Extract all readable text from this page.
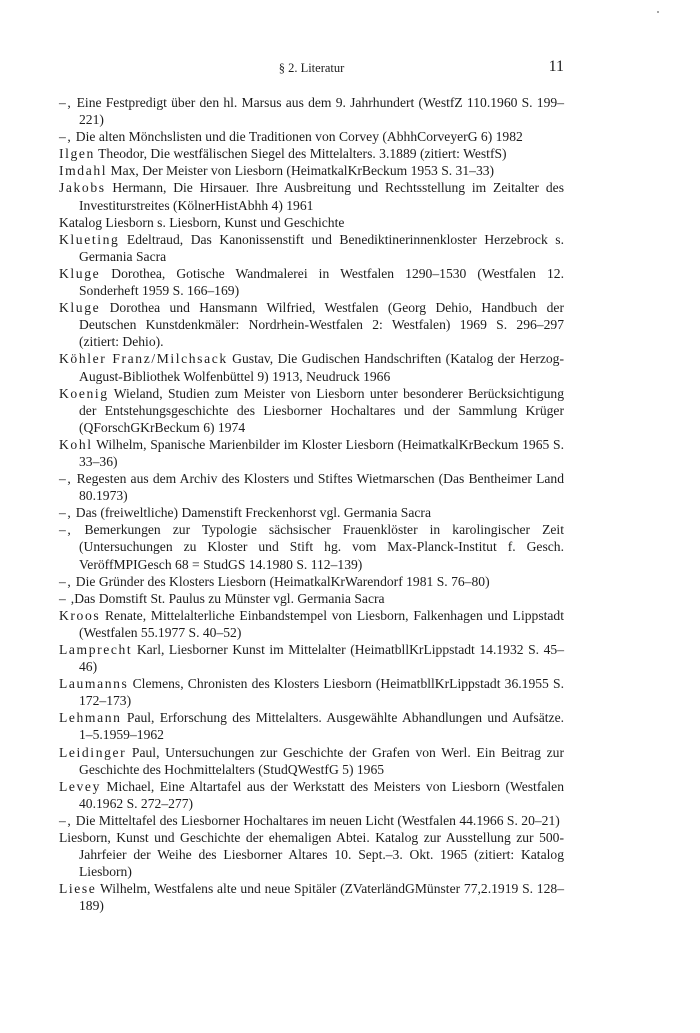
§ 2. Literatur	11
–, Eine Festpredigt über den hl. Marsus aus dem 9. Jahrhundert (WestfZ 110.1960 S. 199–221)
–, Die alten Mönchslisten und die Traditionen von Corvey (AbhhCorveyerG 6) 1982
Ilgen Theodor, Die westfälischen Siegel des Mittelalters. 3.1889 (zitiert: WestfS)
Imdahl Max, Der Meister von Liesborn (HeimatkalKrBeckum 1953 S. 31–33)
Jakobs Hermann, Die Hirsauer. Ihre Ausbreitung und Rechtsstellung im Zeitalter des Investiturstreites (KölnerHistAbhh 4) 1961
Katalog Liesborn s. Liesborn, Kunst und Geschichte
Klueting Edeltraud, Das Kanonissenstift und Benediktinerinnenkloster Herzebrock s. Germania Sacra
Kluge Dorothea, Gotische Wandmalerei in Westfalen 1290–1530 (Westfalen 12. Sonderheft 1959 S. 166–169)
Kluge Dorothea und Hansmann Wilfried, Westfalen (Georg Dehio, Handbuch der Deutschen Kunstdenkmäler: Nordrhein-Westfalen 2: Westfalen) 1969 S. 296–297 (zitiert: Dehio).
Köhler Franz/Milchsack Gustav, Die Gudischen Handschriften (Katalog der Herzog-August-Bibliothek Wolfenbüttel 9) 1913, Neudruck 1966
Koenig Wieland, Studien zum Meister von Liesborn unter besonderer Berücksichtigung der Entstehungsgeschichte des Liesborner Hochaltares und der Sammlung Krüger (QForschGKrBeckum 6) 1974
Kohl Wilhelm, Spanische Marienbilder im Kloster Liesborn (HeimatkalKrBeckum 1965 S. 33–36)
–, Regesten aus dem Archiv des Klosters und Stiftes Wietmarschen (Das Bentheimer Land 80.1973)
–, Das (freiweltliche) Damenstift Freckenhorst vgl. Germania Sacra
–, Bemerkungen zur Typologie sächsischer Frauenklöster in karolingischer Zeit (Untersuchungen zu Kloster und Stift hg. vom Max-Planck-Institut f. Gesch. VeröffMPIGesch 68 = StudGS 14.1980 S. 112–139)
–, Die Gründer des Klosters Liesborn (HeimatkalKrWarendorf 1981 S. 76–80)
– ,Das Domstift St. Paulus zu Münster vgl. Germania Sacra
Kroos Renate, Mittelalterliche Einbandstempel von Liesborn, Falkenhagen und Lippstadt (Westfalen 55.1977 S. 40–52)
Lamprecht Karl, Liesborner Kunst im Mittelalter (HeimatbllKrLippstadt 14.1932 S. 45–46)
Laumanns Clemens, Chronisten des Klosters Liesborn (HeimatbllKrLippstadt 36.1955 S. 172–173)
Lehmann Paul, Erforschung des Mittelalters. Ausgewählte Abhandlungen und Aufsätze. 1–5.1959–1962
Leidinger Paul, Untersuchungen zur Geschichte der Grafen von Werl. Ein Beitrag zur Geschichte des Hochmittelalters (StudQWestfG 5) 1965
Levey Michael, Eine Altartafel aus der Werkstatt des Meisters von Liesborn (Westfalen 40.1962 S. 272–277)
–, Die Mitteltafel des Liesborner Hochaltares im neuen Licht (Westfalen 44.1966 S. 20–21)
Liesborn, Kunst und Geschichte der ehemaligen Abtei. Katalog zur Ausstellung zur 500-Jahrfeier der Weihe des Liesborner Altares 10. Sept.–3. Okt. 1965 (zitiert: Katalog Liesborn)
Liese Wilhelm, Westfalens alte und neue Spitäler (ZVaterländGMünster 77,2.1919 S. 128–189)
